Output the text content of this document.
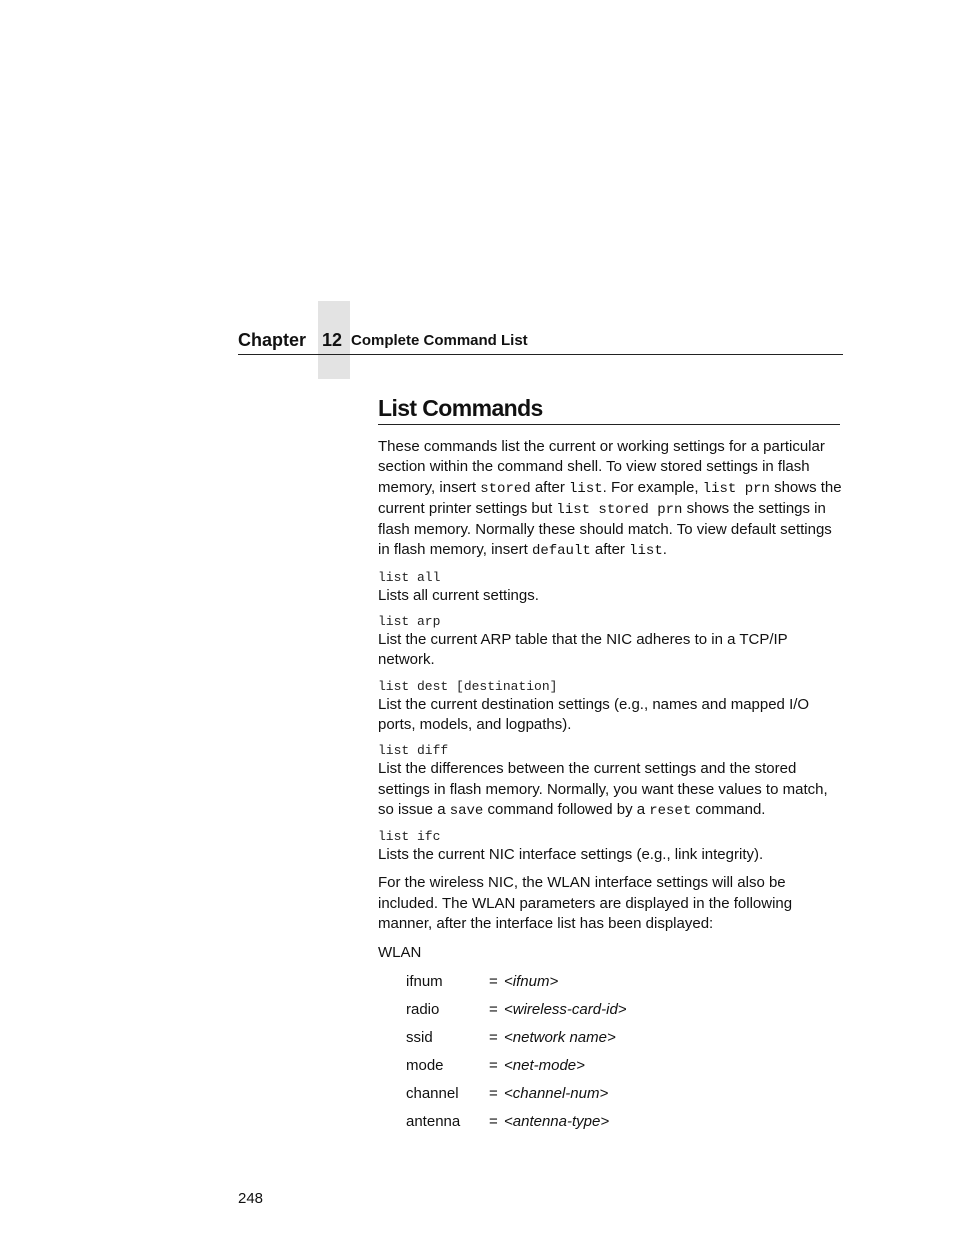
Chapter 12 Complete Command List
List Commands

These commands list the current or working settings for a particular section within the command shell. To view stored settings in flash memory, insert stored after list. For example, list prn shows the current printer settings but list stored prn shows the settings in flash memory. Normally these should match. To view default settings in flash memory, insert default after list.

list all

Lists all current settings.

list arp

List the current ARP table that the NIC adheres to in a TCP/IP network.

list dest [destination]

List the current destination settings (e.g., names and mapped I/O ports, models, and logpaths).

list diff

List the differences between the current settings and the stored settings in flash memory. Normally, you want these values to match, so issue a save command followed by a reset command.

list ifc

Lists the current NIC interface settings (e.g., link integrity).

For the wireless NIC, the WLAN interface settings will also be included. The WLAN parameters are displayed in the following manner, after the interface list has been displayed:

WLAN

ifnum	= <ifnum>
radio	= <wireless-card-id>
ssid	= <network name>
mode	= <net-mode>
channel	= <channel-num>
antenna	= <antenna-type>
248
